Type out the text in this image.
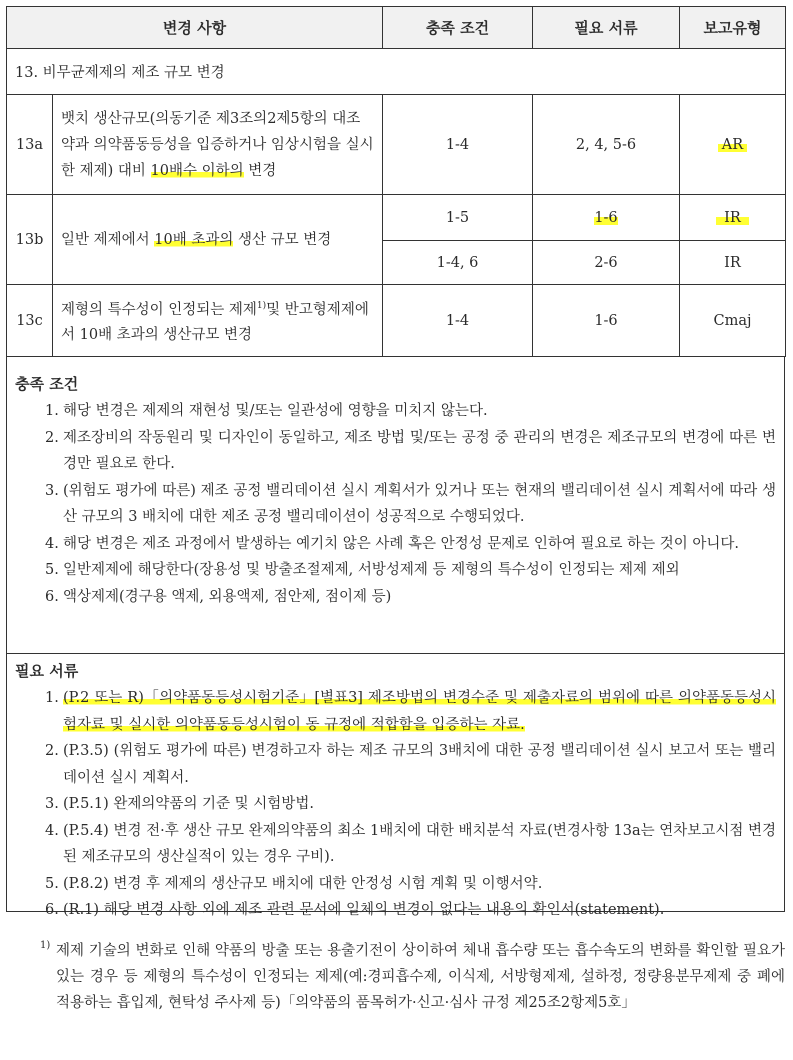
변경 사항		충족 조건	필요 서류	보고유형
13. 비무균제제의 제조 규모 변경				
13a	뱃치 생산규모(의동기준 제3조의2제5항의 대조약과 의약품동등성을 입증하거나 임상시험을 실시한 제제) 대비 10배수 이하의 변경	1-4	2, 4, 5-6	AR
13b	일반 제제에서 10배 초과의 생산 규모 변경	1-5	1-6	IR
		1-4, 6	2-6	IR
13c	제형의 특수성이 인정되는 제제$^{1)}$및 반고형제제에서 10배 초과의 생산규모 변경	1-4	1-6	Cmaj
충족 조건
1. 해당 변경은 제제의 재현성 및/또는 일관성에 영향을 미치지 않는다.
2. 제조장비의 작동원리 및 디자인이 동일하고, 제조 방법 및/또는 공정 중 관리의 변경은 제조규모의 변경에 따른 변경만 필요로 한다.
3. (위험도 평가에 따른) 제조 공정 밸리데이션 실시 계획서가 있거나 또는 현재의 밸리데이션 실시 계획서에 따라 생산 규모의 3 배치에 대한 제조 공정 밸리데이션이 성공적으로 수행되었다.
4. 해당 변경은 제조 과정에서 발생하는 예기치 않은 사례 혹은 안정성 문제로 인하여 필요로 하는 것이 아니다.
5. 일반제제에 해당한다(장용성 및 방출조절제제, 서방성제제 등 제형의 특수성이 인정되는 제제 제외
6. 액상제제(경구용 액제, 외용액제, 점안제, 점이제 등)
필요 서류
1. (P.2 또는 R)「의약품동등성시험기준」[별표3] 제조방법의 변경수준 및 제출자료의 범위에 따른 의약품동등성시험자료 및 실시한 의약품동등성시험이 동 규정에 적합함을 입증하는 자료.
2. (P.3.5) (위험도 평가에 따른) 변경하고자 하는 제조 규모의 3배치에 대한 공정 밸리데이션 실시 보고서 또는 밸리데이션 실시 계획서.
3. (P.5.1) 완제의약품의 기준 및 시험방법.
4. (P.5.4) 변경 전·후 생산 규모 완제의약품의 최소 1배치에 대한 배치분석 자료(변경사항 13a는 연차보고시점 변경된 제조규모의 생산실적이 있는 경우 구비).
5. (P.8.2) 변경 후 제제의 생산규모 배치에 대한 안정성 시험 계획 및 이행서약.
6. (R.1) 해당 변경 사항 외에 제조 관련 문서에 일체의 변경이 없다는 내용의 확인서(statement).
1) 제제 기술의 변화로 인해 약품의 방출 또는 용출기전이 상이하여 체내 흡수량 또는 흡수속도의 변화를 확인할 필요가 있는 경우 등 제형의 특수성이 인정되는 제제(예:경피흡수제, 이식제, 서방형제제, 설하정, 정량용분무제제 중 폐에 적용하는 흡입제, 현탁성 주사제 등)「의약품의 품목허가·신고·심사 규정 제25조2항제5호」
